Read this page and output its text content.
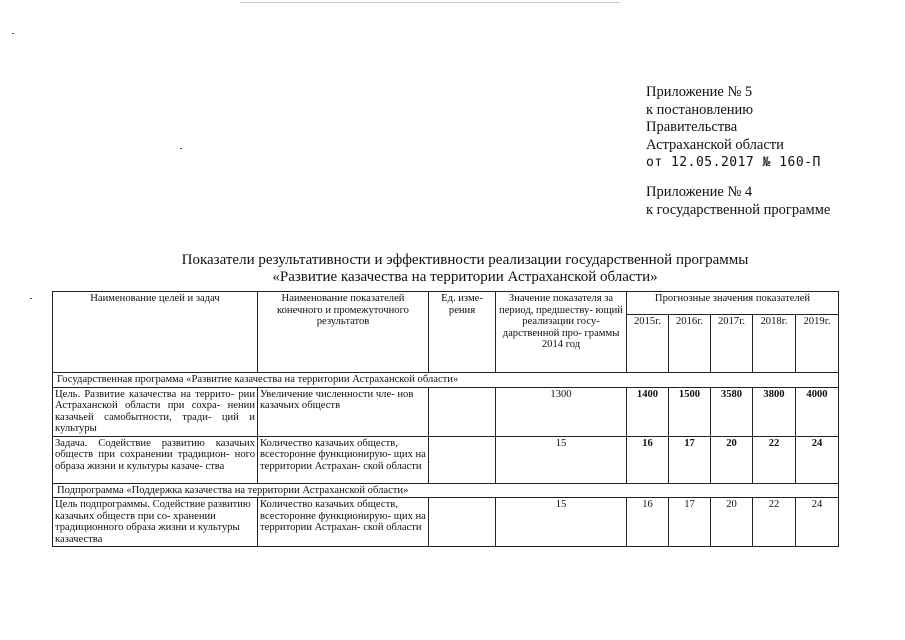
Приложение № 5
к постановлению
Правительства
Астраханской области
от 12.05.2017 № 160-П
Приложение № 4
к государственной программе
Показатели результативности и эффективности реализации государственной программы
«Развитие казачества на территории Астраханской области»
Наименование целей и задач	Наименование показателей конечного и промежуточного результатов	Ед. изме- рения	Значение показателя за период, предшеству- ющий реализации госу- дарственной про- граммы 2014 год	Прогнозные значения показателей				
				2015г.	2016г.	2017г.	2018г.	2019г.
Государственная программа «Развитие казачества на территории Астраханской области»								
Цель. Развитие казачества на террито- рии Астраханской области при сохра- нении казачьей самобытности, тради- ций и культуры	Увеличение численности чле- нов казачьих обществ		1300	1400	1500	3580	3800	4000
Задача. Содействие развитию казачьих обществ при сохранении традицион- ного образа жизни и культуры казаче- ства	Количество казачьих обществ, всесторонне функционирую- щих на территории Астрахан- ской области		15	16	17	20	22	24
Подпрограмма «Поддержка казачества на территории Астраханской области»								
Цель подпрограммы. Содействие развитию казачьих обществ при со- хранении традиционного образа жизни и культуры казачества	Количество казачьих обществ, всесторонне функционирую- щих на территории Астрахан- ской области		15	16	17	20	22	24
